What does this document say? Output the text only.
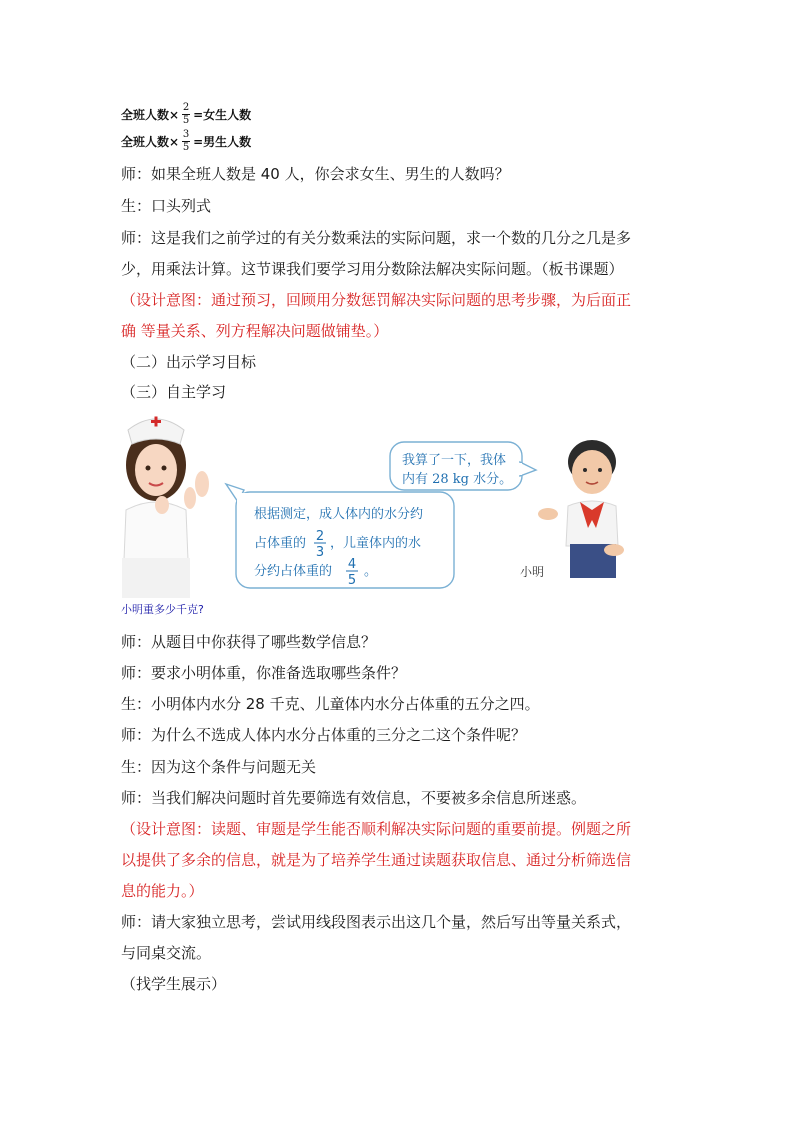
全班人数× $\frac{2}{5}$ =女生人数
全班人数× $\frac{3}{5}$ =男生人数
师：如果全班人数是 40 人，你会求女生、男生的人数吗？
生：口头列式
师：这是我们之前学过的有关分数乘法的实际问题，求一个数的几分之几是多
少，用乘法计算。这节课我们要学习用分数除法解决实际问题。（板书课题）
（设计意图：通过预习，回顾用分数惩罚解决实际问题的思考步骤，为后面正
确 等量关系、列方程解决问题做铺垫。）
（二）出示学习目标
（三）自主学习
根据测定，成人体内的水分约
占体重的 2
3
，儿童体内的水
分约占体重的 4
5
。
我算了一下，我体
内有 28 kg 水分。
小明
小明重多少千克?
师：从题目中你获得了哪些数学信息？
师：要求小明体重，你准备选取哪些条件？
生：小明体内水分 28 千克、儿童体内水分占体重的五分之四。
师：为什么不选成人体内水分占体重的三分之二这个条件呢？
生：因为这个条件与问题无关
师：当我们解决问题时首先要筛选有效信息，不要被多余信息所迷惑。
（设计意图：读题、审题是学生能否顺利解决实际问题的重要前提。例题之所
以提供了多余的信息，就是为了培养学生通过读题获取信息、通过分析筛选信
息的能力。）
师：请大家独立思考，尝试用线段图表示出这几个量，然后写出等量关系式，
与同桌交流。
（找学生展示）
